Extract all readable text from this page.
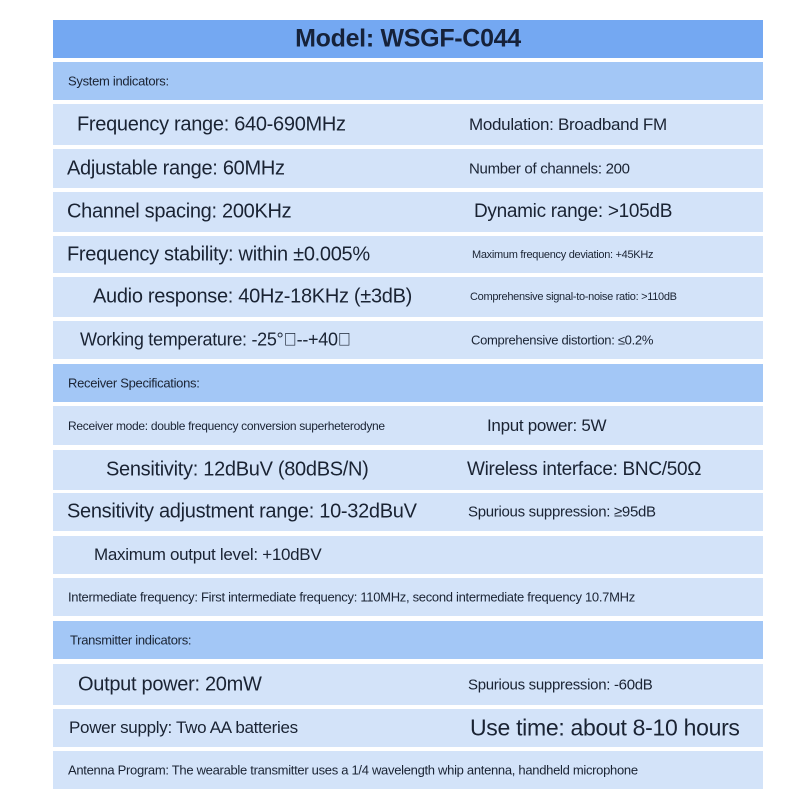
Model: WSGF-C044
System indicators:
Frequency range: 640-690MHz	Modulation: Broadband FM
Adjustable range: 60MHz	Number of channels: 200
Channel spacing: 200KHz	Dynamic range: >105dB
Frequency stability: within ±0.005%	Maximum frequency deviation: +45KHz
Audio response: 40Hz-18KHz (±3dB)	Comprehensive signal-to-noise ratio: >110dB
Working temperature: -25° --+40 	Comprehensive distortion: ≤0.2%
Receiver Specifications:
Receiver mode: double frequency conversion superheterodyne	Input power: 5W
Sensitivity: 12dBuV (80dBS/N)	Wireless interface: BNC/50Ω
Sensitivity adjustment range: 10-32dBuV	Spurious suppression: ≥95dB
Maximum output level: +10dBV
Intermediate frequency: First intermediate frequency: 110MHz, second intermediate frequency 10.7MHz
Transmitter indicators:
Output power: 20mW	Spurious suppression: -60dB
Power supply: Two AA batteries	Use time: about 8-10 hours
Antenna Program: The wearable transmitter uses a 1/4 wavelength whip antenna, handheld microphone
